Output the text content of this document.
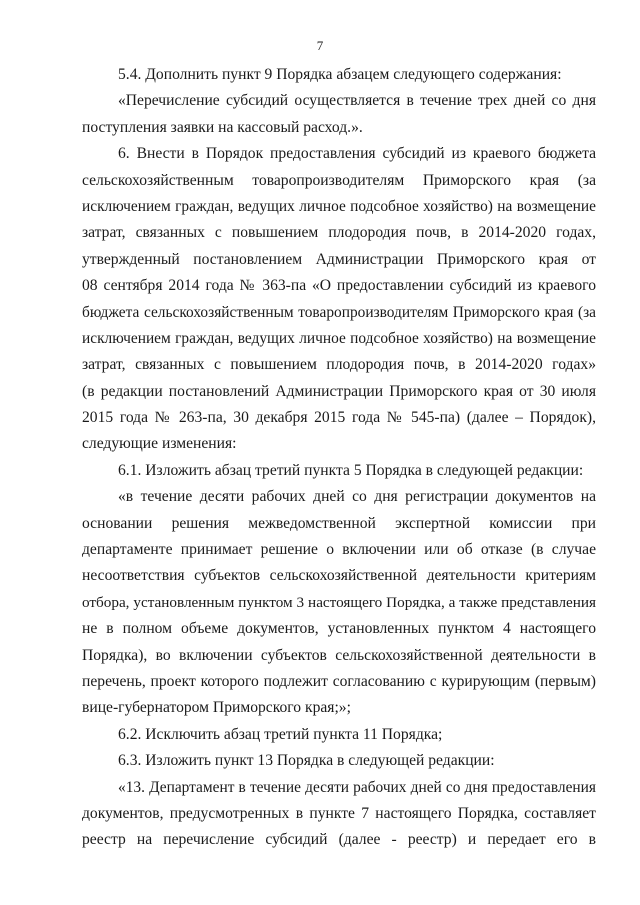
7
5.4. Дополнить пункт 9 Порядка абзацем следующего содержания:
«Перечисление субсидий осуществляется в течение трех дней со дня
поступления заявки на кассовый расход.».
6. Внести в Порядок предоставления субсидий из краевого бюджета
сельскохозяйственным товаропроизводителям Приморского края (за
исключением граждан, ведущих личное подсобное хозяйство) на возмещение
затрат, связанных с повышением плодородия почв, в 2014-2020 годах,
утвержденный постановлением Администрации Приморского края от
08 сентября 2014 года № 363-па «О предоставлении субсидий из краевого
бюджета сельскохозяйственным товаропроизводителям Приморского края (за
исключением граждан, ведущих личное подсобное хозяйство) на возмещение
затрат, связанных с повышением плодородия почв, в 2014-2020 годах»
(в редакции постановлений Администрации Приморского края от 30 июля
2015 года № 263-па, 30 декабря 2015 года № 545-па) (далее – Порядок),
следующие изменения:
6.1. Изложить абзац третий пункта 5 Порядка в следующей редакции:
«в течение десяти рабочих дней со дня регистрации документов на
основании решения межведомственной экспертной комиссии при
департаменте принимает решение о включении или об отказе (в случае
несоответствия субъектов сельскохозяйственной деятельности критериям
отбора, установленным пунктом 3 настоящего Порядка, а также представления
не в полном объеме документов, установленных пунктом 4 настоящего
Порядка), во включении субъектов сельскохозяйственной деятельности в
перечень, проект которого подлежит согласованию с курирующим (первым)
вице-губернатором Приморского края;»;
6.2. Исключить абзац третий пункта 11 Порядка;
6.3. Изложить пункт 13 Порядка в следующей редакции:
«13. Департамент в течение десяти рабочих дней со дня предоставления
документов, предусмотренных в пункте 7 настоящего Порядка, составляет
реестр на перечисление субсидий (далее - реестр) и передает его в
